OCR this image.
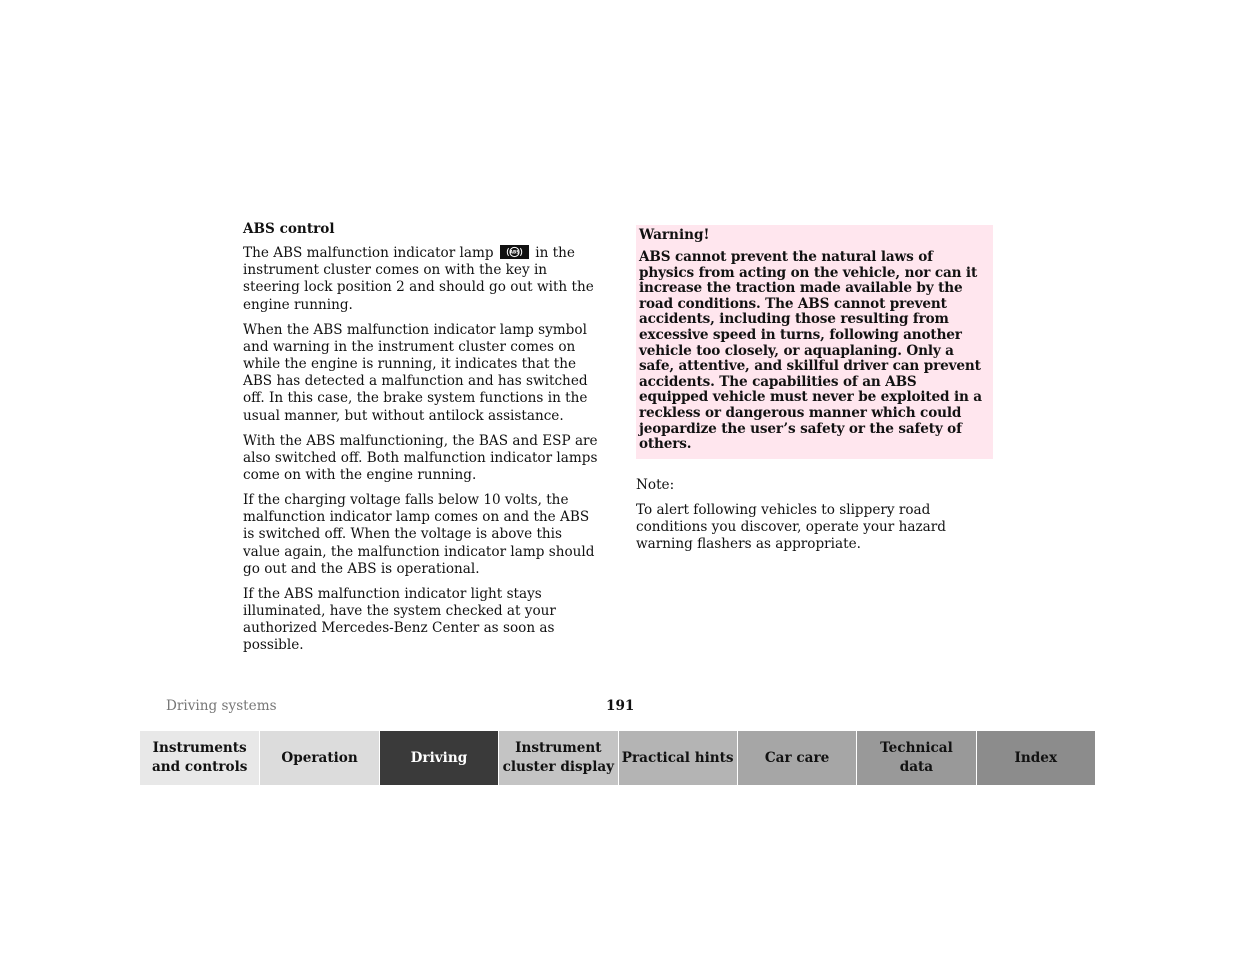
ABS control

The ABS malfunction indicator lamp	ABS in the instrument cluster comes on with the key in steering lock position 2 and should go out with the engine running.

When the ABS malfunction indicator lamp symbol and warning in the instrument cluster comes on while the engine is running, it indicates that the ABS has detected a malfunction and has switched off. In this case, the brake system functions in the usual manner, but without antilock assistance.

With the ABS malfunctioning, the BAS and ESP are also switched off. Both malfunction indicator lamps come on with the engine running.

If the charging voltage falls below 10 volts, the malfunction indicator lamp comes on and the ABS is switched off. When the voltage is above this value again, the malfunction indicator lamp should go out and the ABS is operational.

If the ABS malfunction indicator light stays illuminated, have the system checked at your authorized Mercedes-Benz Center as soon as possible.

Warning!

ABS cannot prevent the natural laws of physics from acting on the vehicle, nor can it increase the traction made available by the road conditions. The ABS cannot prevent accidents, including those resulting from excessive speed in turns, following another vehicle too closely, or aquaplaning. Only a safe, attentive, and skillful driver can prevent accidents. The capabilities of an ABS equipped vehicle must never be exploited in a reckless or dangerous manner which could jeopardize the user’s safety or the safety of others.

Note:

To alert following vehicles to slippery road conditions you discover, operate your hazard warning flashers as appropriate.

Driving systems	191
Instruments
and controls
Operation	Driving
Instrument
cluster display
Practical hints	Car care
Technical
data
Index
